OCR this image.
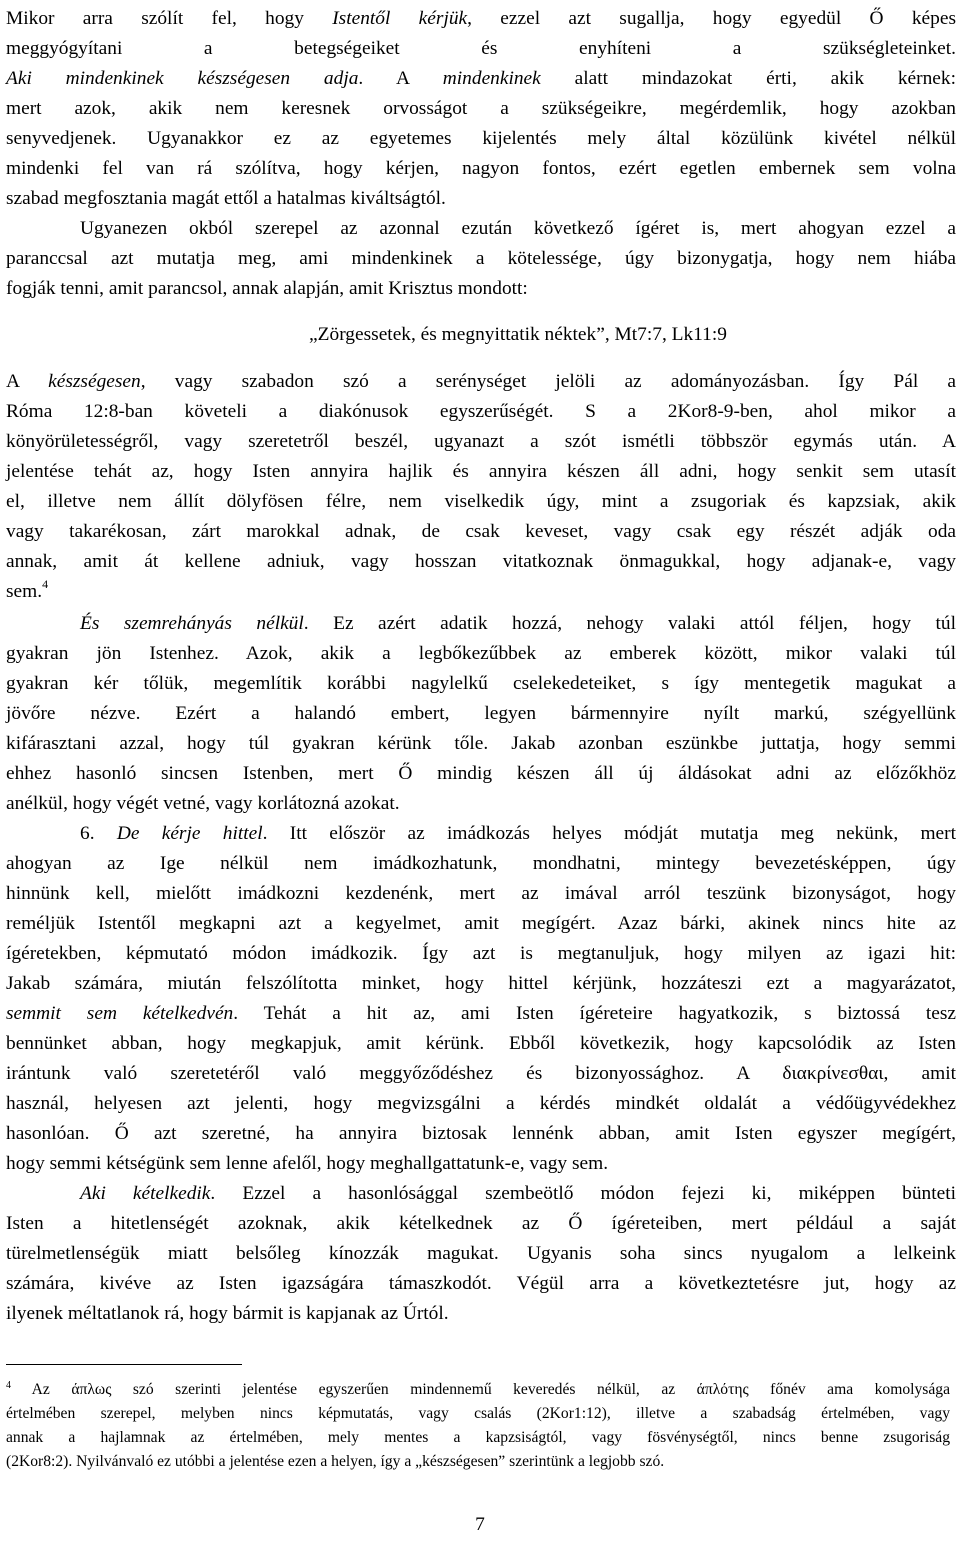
Mikor arra szólít fel, hogy Istentől kérjük, ezzel azt sugallja, hogy egyedül Ő képes
meggyógyítani a betegségeiket és enyhíteni a szükségleteinket.
Aki mindenkinek készségesen adja. A mindenkinek alatt mindazokat érti, akik kérnek:
mert azok, akik nem keresnek orvosságot a szükségeikre, megérdemlik, hogy azokban
senyvedjenek. Ugyanakkor ez az egyetemes kijelentés mely által közülünk kivétel nélkül
mindenki fel van rá szólítva, hogy kérjen, nagyon fontos, ezért egetlen embernek sem volna
szabad megfosztania magát ettől a hatalmas kiváltságtól.
Ugyanezen okból szerepel az azonnal ezután következő ígéret is, mert ahogyan ezzel a
paranccsal azt mutatja meg, ami mindenkinek a kötelessége, úgy bizonygatja, hogy nem hiába
fogják tenni, amit parancsol, annak alapján, amit Krisztus mondott:
„Zörgessetek, és megnyittatik néktek”, Mt7:7, Lk11:9
A készségesen, vagy szabadon szó a serénységet jelöli az adományozásban. Így Pál a
Róma 12:8-ban követeli a diakónusok egyszerűségét. S a 2Kor8-9-ben, ahol mikor a
könyörületességről, vagy szeretetről beszél, ugyanazt a szót ismétli többször egymás után. A
jelentése tehát az, hogy Isten annyira hajlik és annyira készen áll adni, hogy senkit sem utasít
el, illetve nem állít dölyfösen félre, nem viselkedik úgy, mint a zsugoriak és kapzsiak, akik
vagy takarékosan, zárt marokkal adnak, de csak keveset, vagy csak egy részét adják oda
annak, amit át kellene adniuk, vagy hosszan vitatkoznak önmagukkal, hogy adjanak-e, vagy
sem.$^4$
És szemrehányás nélkül. Ez azért adatik hozzá, nehogy valaki attól féljen, hogy túl
gyakran jön Istenhez. Azok, akik a legbőkezűbbek az emberek között, mikor valaki túl
gyakran kér tőlük, megemlítik korábbi nagylelkű cselekedeteiket, s így mentegetik magukat a
jövőre nézve. Ezért a halandó embert, legyen bármennyire nyílt markú, szégyellünk
kifárasztani azzal, hogy túl gyakran kérünk tőle. Jakab azonban eszünkbe juttatja, hogy semmi
ehhez hasonló sincsen Istenben, mert Ő mindig készen áll új áldásokat adni az előzőkhöz
anélkül, hogy végét vetné, vagy korlátozná azokat.
6. De kérje hittel. Itt először az imádkozás helyes módját mutatja meg nekünk, mert
ahogyan az Ige nélkül nem imádkozhatunk, mondhatni, mintegy bevezetésképpen, úgy
hinnünk kell, mielőtt imádkozni kezdenénk, mert az imával arról teszünk bizonyságot, hogy
reméljük Istentől megkapni azt a kegyelmet, amit megígért. Azaz bárki, akinek nincs hite az
ígéretekben, képmutató módon imádkozik. Így azt is megtanuljuk, hogy milyen az igazi hit:
Jakab számára, miután felszólította minket, hogy hittel kérjünk, hozzáteszi ezt a magyarázatot,
semmit sem kételkedvén. Tehát a hit az, ami Isten ígéreteire hagyatkozik, s biztossá tesz
bennünket abban, hogy megkapjuk, amit kérünk. Ebből következik, hogy kapcsolódik az Isten
irántunk való szeretetéről való meggyőződéshez és bizonyossághoz. A διακρίνεσθαι, amit
használ, helyesen azt jelenti, hogy megvizsgálni a kérdés mindkét oldalát a védőügyvédekhez
hasonlóan. Ő azt szeretné, ha annyira biztosak lennénk abban, amit Isten egyszer megígért,
hogy semmi kétségünk sem lenne afelől, hogy meghallgattatunk-e, vagy sem.
Aki kételkedik. Ezzel a hasonlósággal szembeötlő módon fejezi ki, miképpen bünteti
Isten a hitetlenségét azoknak, akik kételkednek az Ő ígéreteiben, mert például a saját
türelmetlenségük miatt belsőleg kínozzák magukat. Ugyanis soha sincs nyugalom a lelkeink
számára, kivéve az Isten igazságára támaszkodót. Végül arra a következtetésre jut, hogy az
ilyenek méltatlanok rá, hogy bármit is kapjanak az Úrtól.
$^4$ Az άπλως szó szerinti jelentése egyszerűen mindennemű keveredés nélkül, az άπλότης főnév ama komolysága
értelmében szerepel, melyben nincs képmutatás, vagy csalás (2Kor1:12), illetve a szabadság értelmében, vagy
annak a hajlamnak az értelmében, mely mentes a kapzsiságtól, vagy fösvénységtől, nincs benne zsugoriság
(2Kor8:2). Nyilvánvaló ez utóbbi a jelentése ezen a helyen, így a „készségesen” szerintünk a legjobb szó.
7
